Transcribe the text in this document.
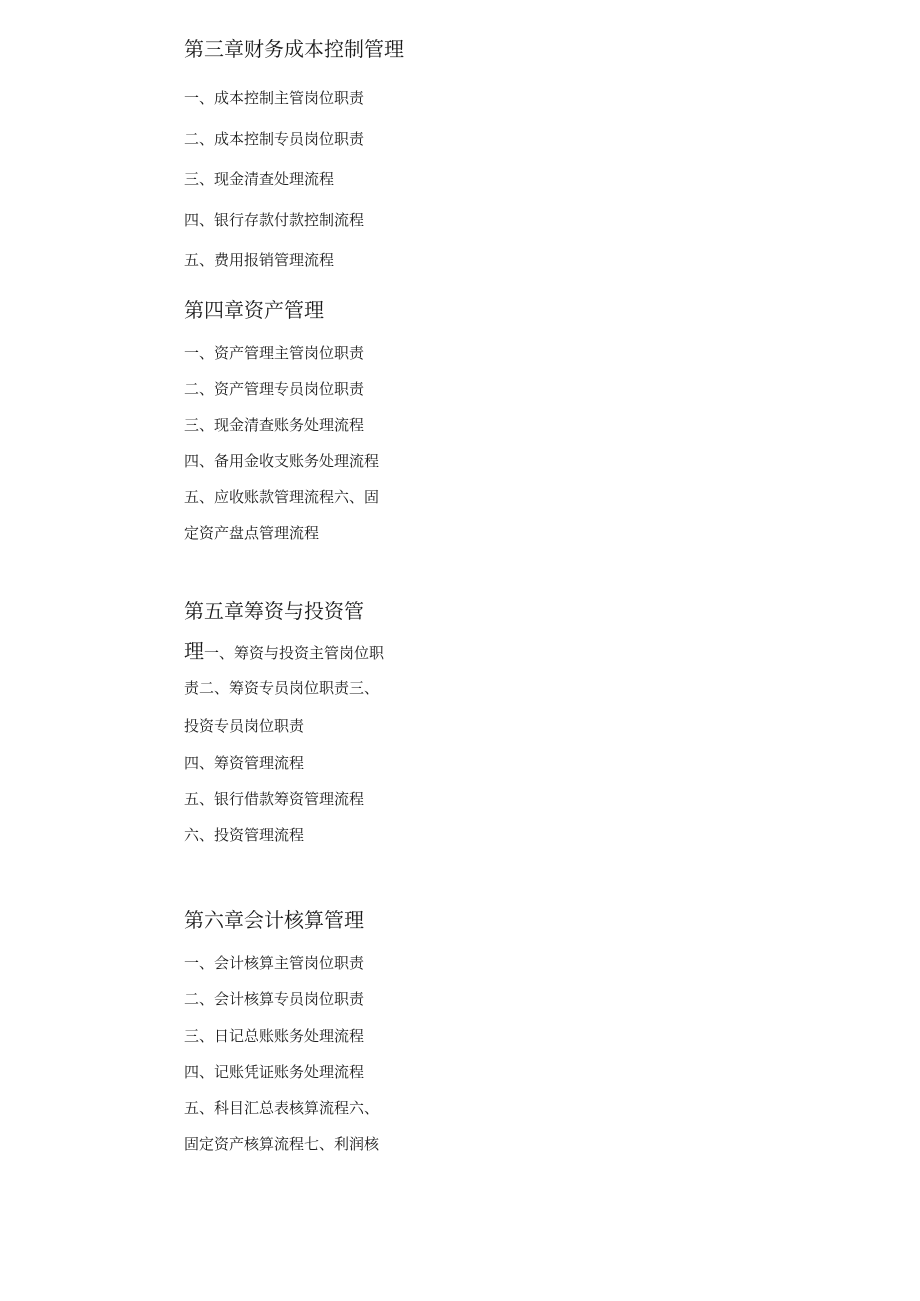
第三章财务成本控制管理
一、成本控制主管岗位职责
二、成本控制专员岗位职责
三、现金清查处理流程
四、银行存款付款控制流程
五、费用报销管理流程
第四章资产管理
一、资产管理主管岗位职责
二、资产管理专员岗位职责
三、现金清查账务处理流程
四、备用金收支账务处理流程
五、应收账款管理流程六、固
定资产盘点管理流程
第五章筹资与投资管
理一、筹资与投资主管岗位职
责二、筹资专员岗位职责三、
投资专员岗位职责
四、筹资管理流程
五、银行借款筹资管理流程
六、投资管理流程
第六章会计核算管理
一、会计核算主管岗位职责
二、会计核算专员岗位职责
三、日记总账账务处理流程
四、记账凭证账务处理流程
五、科目汇总表核算流程六、
固定资产核算流程七、利润核
